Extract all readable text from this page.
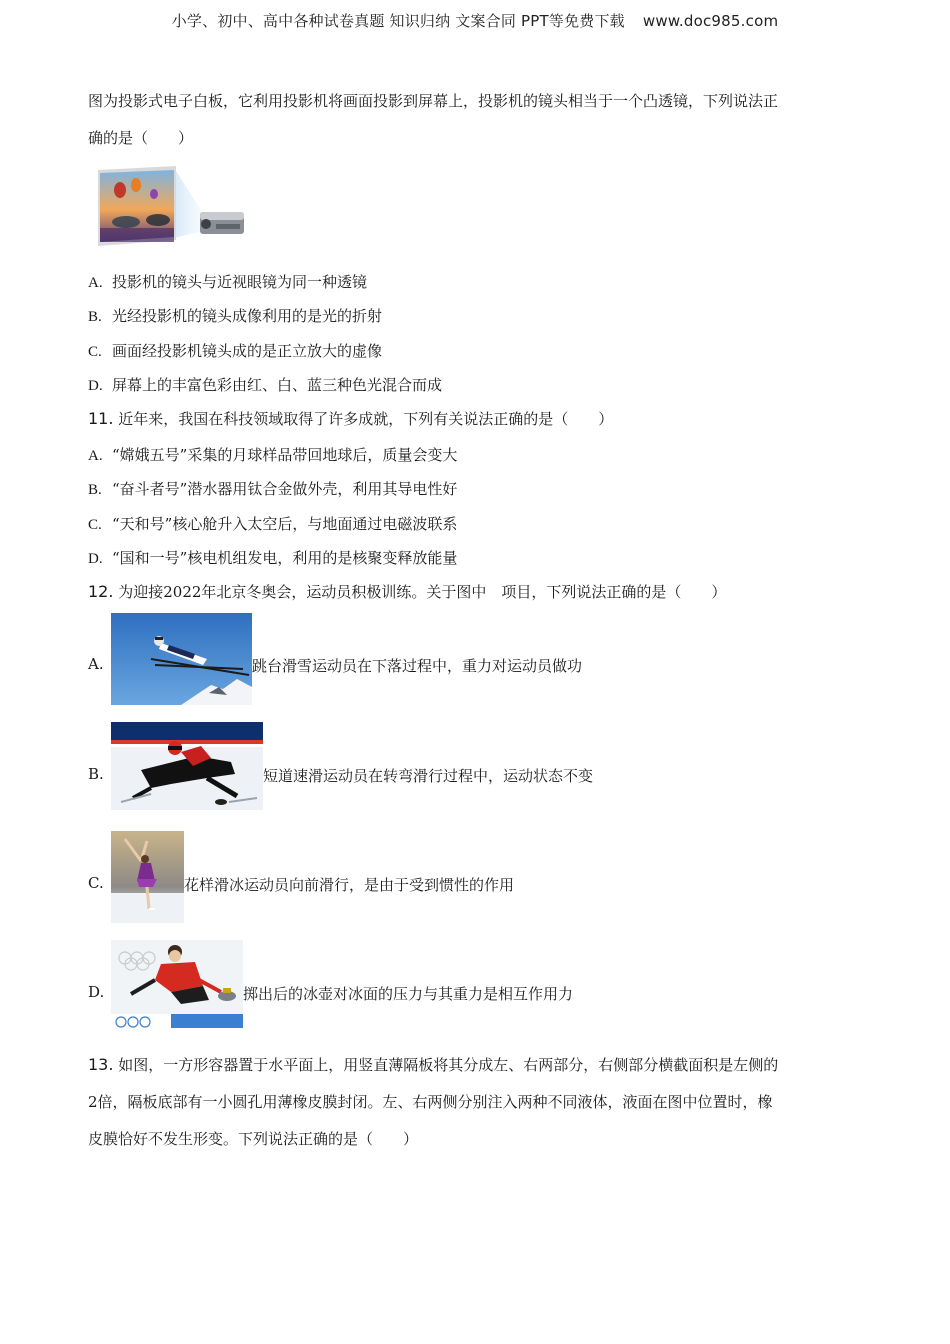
小学、初中、高中各种试卷真题 知识归纳 文案合同 PPT等免费下载 www.doc985.com
图为投影式电子白板，它利用投影机将画面投影到屏幕上，投影机的镜头相当于一个凸透镜，下列说法正
确的是（　　）
A. 投影机的镜头与近视眼镜为同一种透镜
B. 光经投影机的镜头成像利用的是光的折射
C. 画面经投影机镜头成的是正立放大的虚像
D. 屏幕上的丰富色彩由红、白、蓝三种色光混合而成
11. 近年来，我国在科技领域取得了许多成就，下列有关说法正确的是（　　）
A. “嫦娥五号”采集的月球样品带回地球后，质量会变大
B. “奋斗者号”潜水器用钛合金做外壳，利用其导电性好
C. “天和号”核心舱升入太空后，与地面通过电磁波联系
D. “国和一号”核电机组发电，利用的是核聚变释放能量
12. 为迎接2022年北京冬奥会，运动员积极训练。关于图中　项目，下列说法正确的是（　　）
A.	跳台滑雪运动员在下落过程中，重力对运动员做功
B.	短道速滑运动员在转弯滑行过程中，运动状态不变
C.	花样滑冰运动员向前滑行，是由于受到惯性的作用
D.	掷出后的冰壶对冰面的压力与其重力是相互作用力
13. 如图，一方形容器置于水平面上，用竖直薄隔板将其分成左、右两部分，右侧部分横截面积是左侧的
2倍，隔板底部有一小圆孔用薄橡皮膜封闭。左、右两侧分别注入两种不同液体，液面在图中位置时，橡
皮膜恰好不发生形变。下列说法正确的是（　　）
